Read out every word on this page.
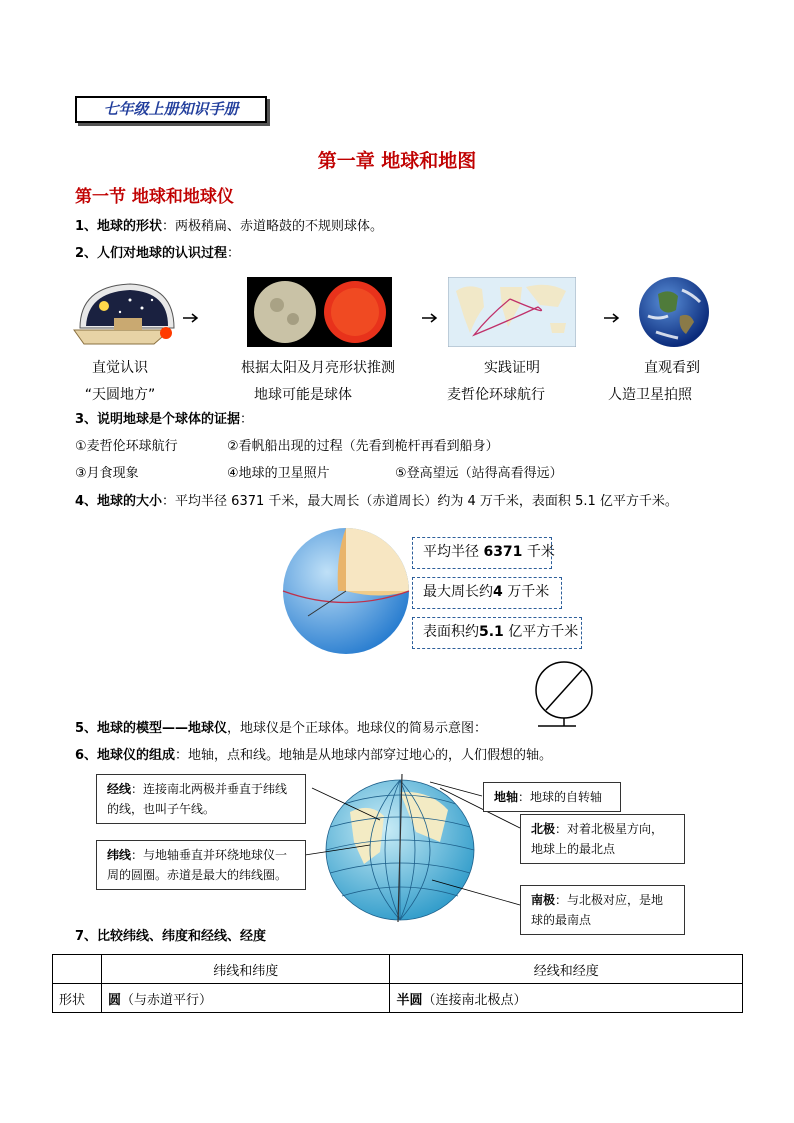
七年级上册知识手册
第一章 地球和地图
第一节 地球和地球仪
1、地球的形状：两极稍扁、赤道略鼓的不规则球体。
2、人们对地球的认识过程：
直觉认识
“天圆地方”
根据太阳及月亮形状推测
地球可能是球体
实践证明
麦哲伦环球航行
直观看到
人造卫星拍照
3、说明地球是个球体的证据：
①麦哲伦环球航行	②看帆船出现的过程（先看到桅杆再看到船身）
③月食现象	④地球的卫星照片	⑤登高望远（站得高看得远）
4、地球的大小：平均半径 6371 千米，最大周长（赤道周长）约为 4 万千米，表面积 5.1 亿平方千米。
平均半径 6371 千米
最大周长约4 万千米
表面积约5.1 亿平方千米
5、地球的模型——地球仪，地球仪是个正球体。地球仪的简易示意图：
6、地球仪的组成：地轴，点和线。地轴是从地球内部穿过地心的，人们假想的轴。
经线：连接南北两极并垂直于纬线的线，也叫子午线。
纬线：与地轴垂直并环绕地球仪一周的圆圈。赤道是最大的纬线圈。
地轴：地球的自转轴
北极：对着北极星方向，地球上的最北点
南极：与北极对应，是地球的最南点
7、比较纬线、纬度和经线、经度
	纬线和纬度	经线和经度
形状	圆（与赤道平行）	半圆（连接南北极点）
